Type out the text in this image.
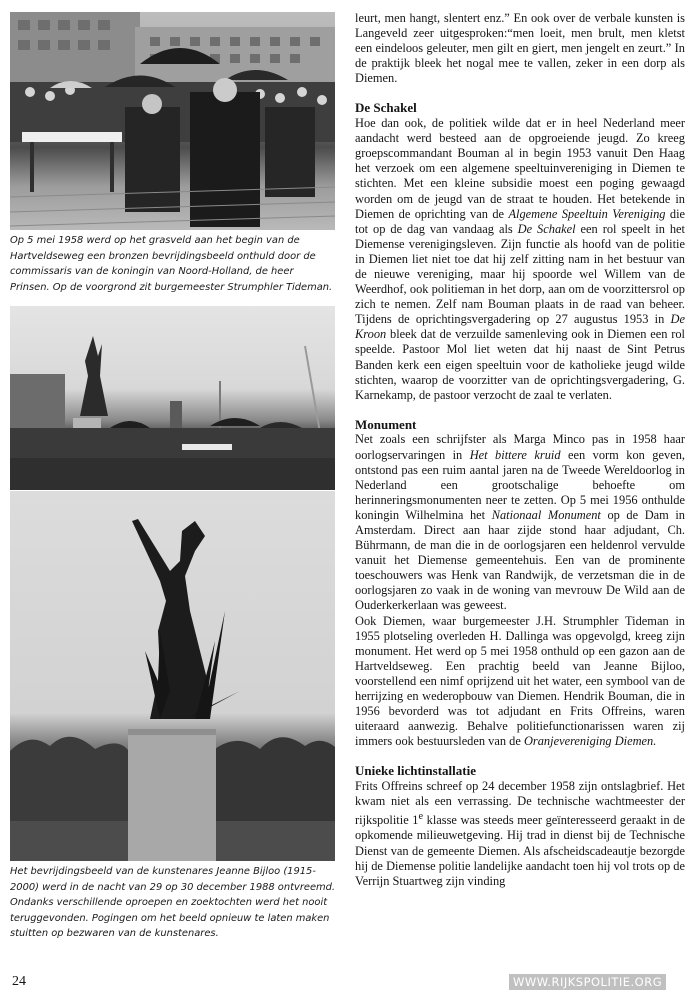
Op 5 mei 1958 werd op het grasveld aan het begin van de Hartveldseweg een bronzen bevrijdingsbeeld onthuld door de commissaris van de koningin van Noord-Holland, de heer Prinsen. Op de voorgrond zit burgemeester Strumphler Tideman.
Het bevrijdingsbeeld van de kunstenares Jeanne Bijloo (1915-2000) werd in de nacht van 29 op 30 december 1988 ontvreemd. Ondanks verschillende oproepen en zoektochten werd het nooit teruggevonden. Pogingen om het beeld opnieuw te laten maken stuitten op bezwaren van de kunstenares.

leurt, men hangt, slentert enz.” En ook over de verbale kunsten is Langeveld zeer uitgesproken:“men loeit, men brult, men kletst een eindeloos geleuter, men gilt en giert, men jengelt en zeurt.” In de praktijk bleek het nogal mee te vallen, zeker in een dorp als Diemen.

De Schakel

Hoe dan ook, de politiek wilde dat er in heel Nederland meer aandacht werd besteed aan de opgroeiende jeugd. Zo kreeg groepscommandant Bouman al in begin 1953 vanuit Den Haag het verzoek om een algemene speeltuinvereniging in Diemen te stichten. Met een kleine subsidie moest een poging gewaagd worden om de jeugd van de straat te houden. Het betekende in Diemen de oprichting van de Algemene Speeltuin Vereniging die tot op de dag van vandaag als De Schakel een rol speelt in het Diemense verenigingsleven. Zijn functie als hoofd van de politie in Diemen liet niet toe dat hij zelf zitting nam in het bestuur van de nieuwe vereniging, maar hij spoorde wel Willem van de Weerdhof, ook politieman in het dorp, aan om de voorzittersrol op zich te nemen. Zelf nam Bouman plaats in de raad van beheer. Tijdens de oprichtingsvergadering op 27 augustus 1953 in De Kroon bleek dat de verzuilde samenleving ook in Diemen een rol speelde. Pastoor Mol liet weten dat hij naast de Sint Petrus Banden kerk een eigen speeltuin voor de katholieke jeugd wilde stichten, waarop de voorzitter van de oprichtingsvergadering, G. Karnekamp, de pastoor verzocht de zaal te verlaten.

Monument

Net zoals een schrijfster als Marga Minco pas in 1958 haar oorlogservaringen in Het bittere kruid een vorm kon geven, ontstond pas een ruim aantal jaren na de Tweede Wereldoorlog in Nederland een grootschalige behoefte om herinneringsmonumenten neer te zetten. Op 5 mei 1956 onthulde koningin Wilhelmina het Nationaal Monument op de Dam in Amsterdam. Direct aan haar zijde stond haar adjudant, Ch. Bührmann, de man die in de oorlogsjaren een heldenrol vervulde vanuit het Diemense gemeentehuis. Een van de prominente toeschouwers was Henk van Randwijk, de verzetsman die in de oorlogsjaren zo vaak in de woning van mevrouw De Wild aan de Ouderkerkerlaan was geweest.

Ook Diemen, waar burgemeester J.H. Strumphler Tideman in 1955 plotseling overleden H. Dallinga was opgevolgd, kreeg zijn monument. Het werd op 5 mei 1958 onthuld op een gazon aan de Hartveldseweg. Een prachtig beeld van Jeanne Bijloo, voorstellend een nimf oprijzend uit het water, een symbool van de herrijzing en wederopbouw van Diemen. Hendrik Bouman, die in 1956 bevorderd was tot adjudant en Frits Offreins, waren uiteraard aanwezig. Behalve politiefunctionarissen waren zij immers ook bestuursleden van de Oranjevereniging Diemen.

Unieke lichtinstallatie

Frits Offreins schreef op 24 december 1958 zijn ontslagbrief. Het kwam niet als een verrassing. De technische wachtmeester der rijkspolitie 1e klasse was steeds meer geïnteresseerd geraakt in de opkomende milieuwetgeving. Hij trad in dienst bij de Technische Dienst van de gemeente Diemen. Als afscheidscadeautje bezorgde hij de Diemense politie landelijke aandacht toen hij vol trots op de Verrijn Stuartweg zijn vinding

24	WWW.RIJKSPOLITIE.ORG
